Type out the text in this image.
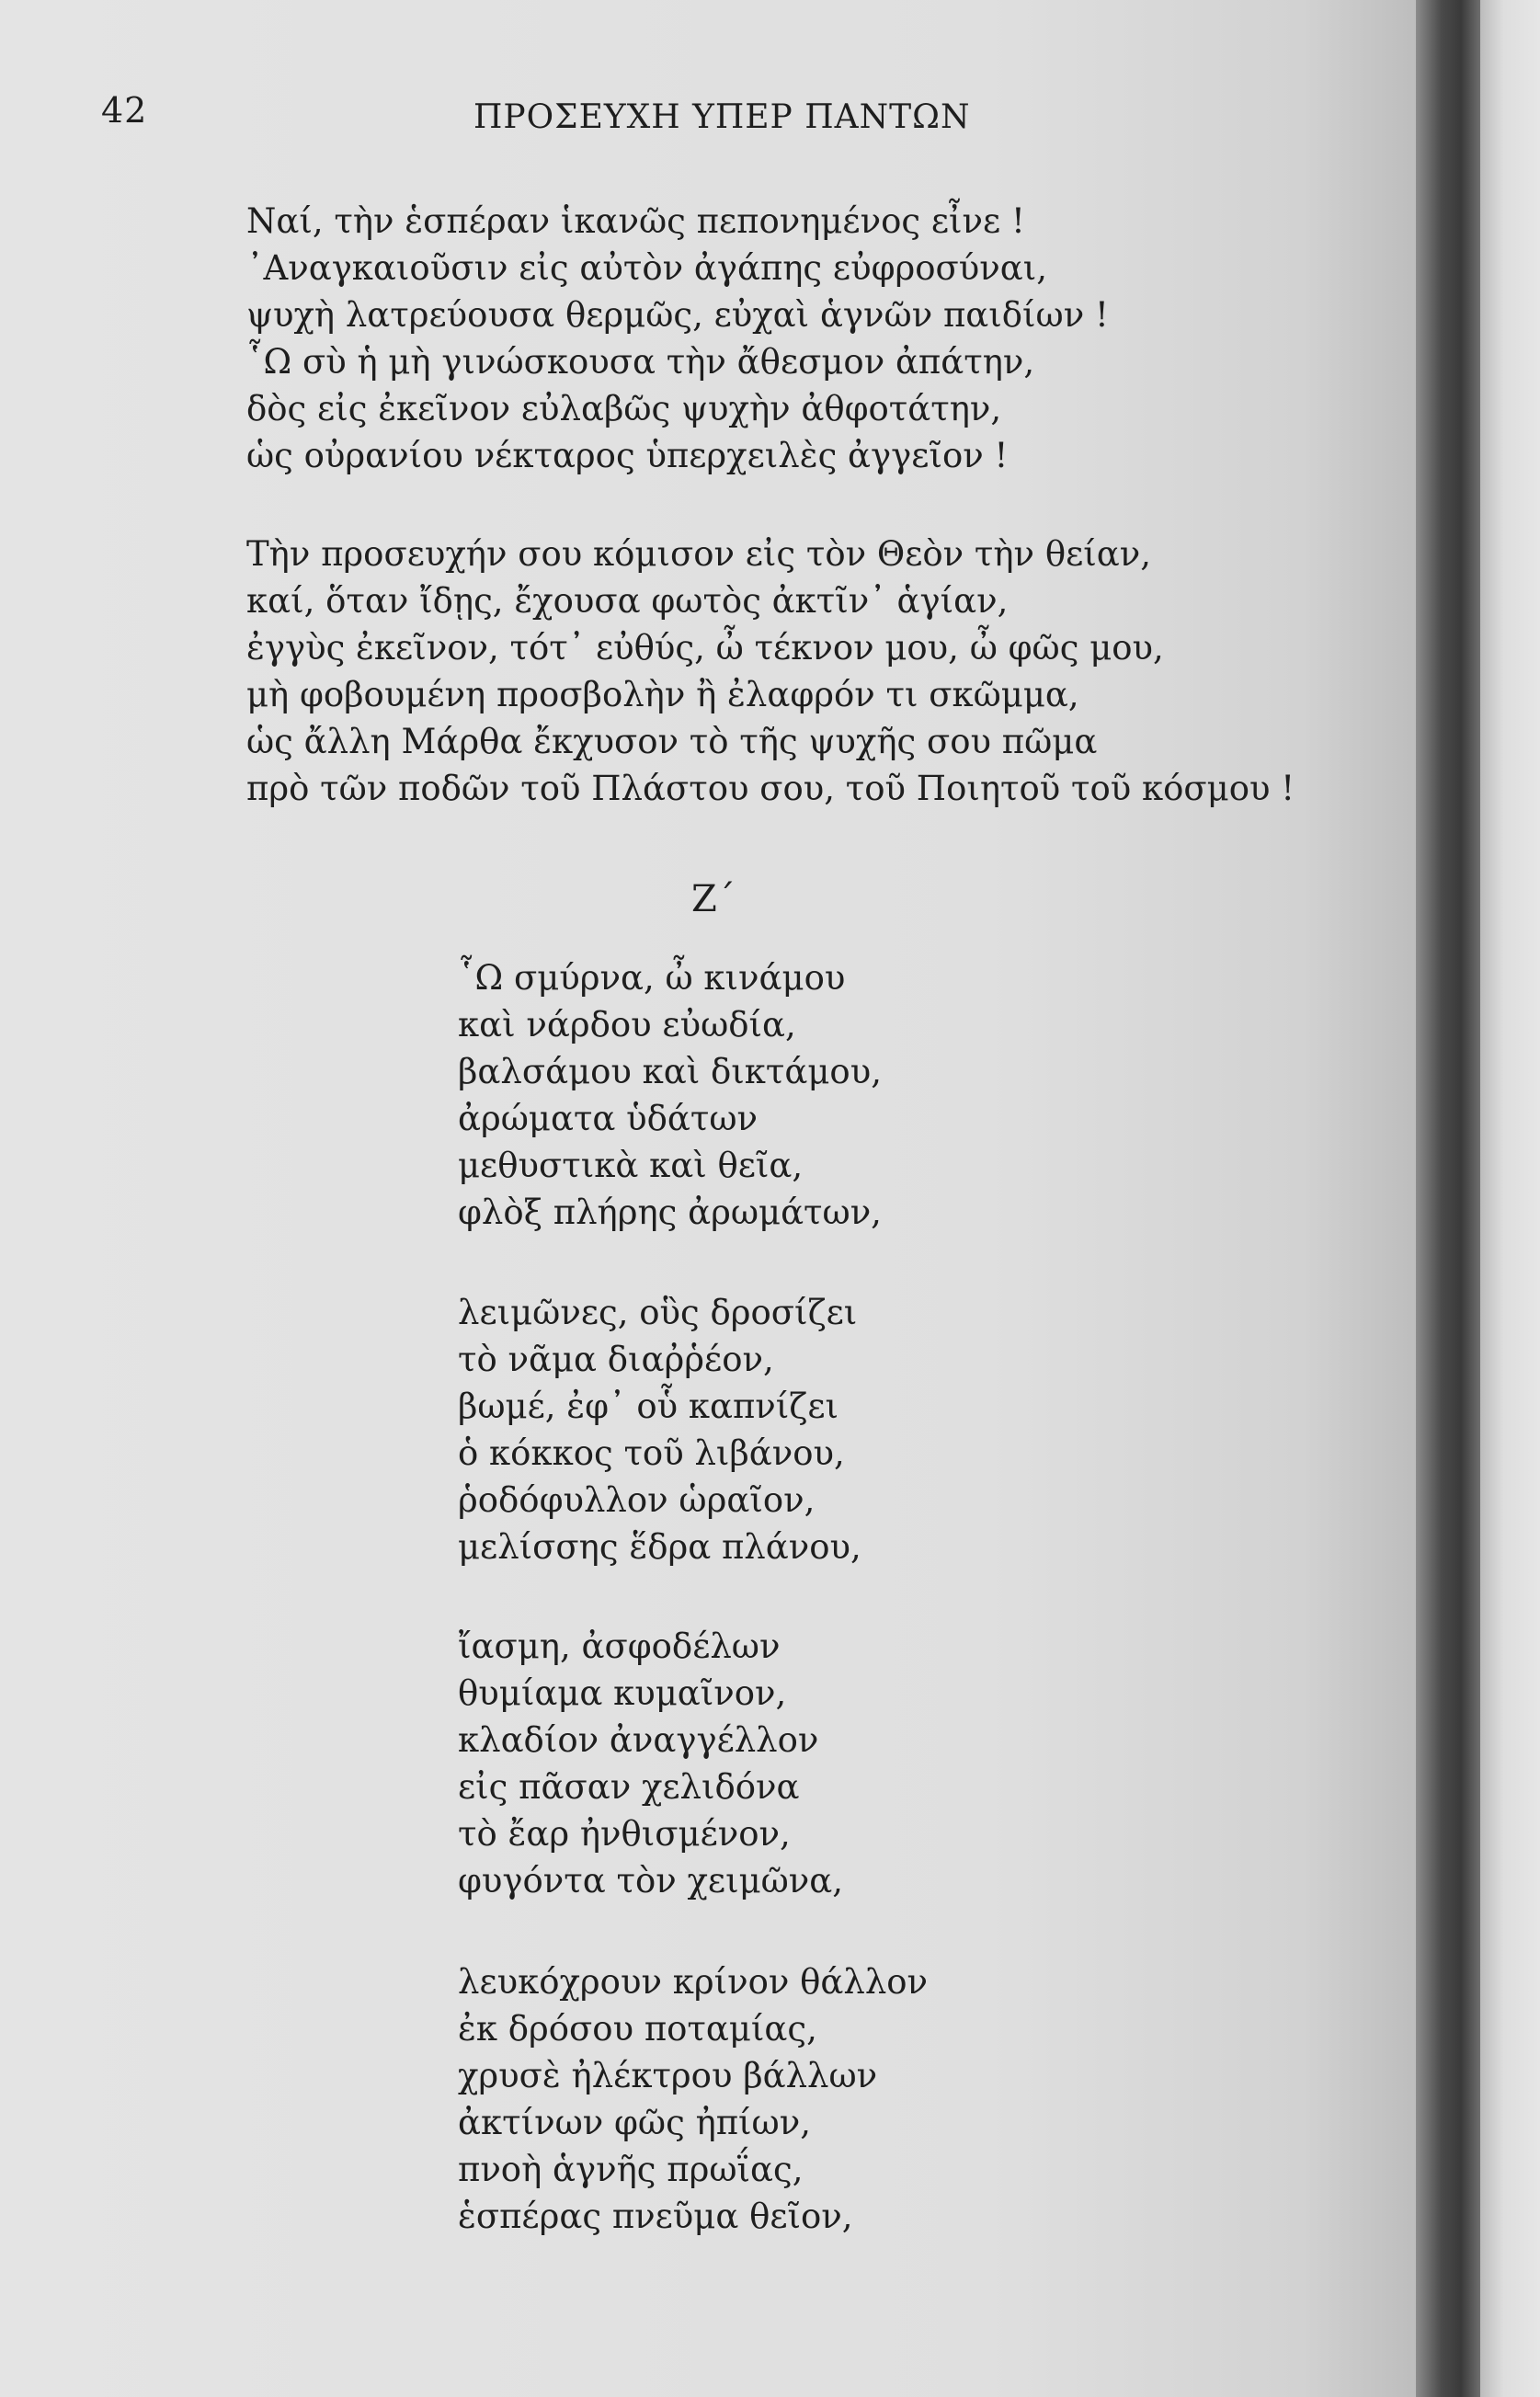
42	ΠΡΟΣΕΥΧΗ ΥΠΕΡ ΠΑΝΤΩΝ
Ναί, τὴν ἑσπέραν ἱκανῶς πεπονημένος εἶνε !
᾿Αναγκαιοῦσιν εἰς αὐτὸν ἀγάπης εὐφροσύναι,
ψυχὴ λατρεύουσα θερμῶς, εὐχαὶ ἁγνῶν παιδίων !
῟Ω σὺ ἡ μὴ γινώσκουσα τὴν ἄθεσμον ἀπάτην,
δὸς εἰς ἐκεῖνον εὐλαβῶς ψυχὴν ἀθφοτάτην,
ὡς οὐρανίου νέκταρος ὑπερχειλὲς ἀγγεῖον !
Τὴν προσευχήν σου κόμισον εἰς τὸν Θεὸν τὴν θείαν,
καί, ὅταν ἴδῃς, ἔχουσα φωτὸς ἀκτῖν᾿ ἁγίαν,
ἐγγὺς ἐκεῖνον, τότ᾿ εὐθύς, ὦ τέκνον μου, ὦ φῶς μου,
μὴ φοβουμένη προσβολὴν ἢ ἐλαφρόν τι σκῶμμα,
ὡς ἄλλη Μάρθα ἔκχυσον τὸ τῆς ψυχῆς σου πῶμα
πρὸ τῶν ποδῶν τοῦ Πλάστου σου, τοῦ Ποιητοῦ τοῦ κόσμου !
Z΄
῟Ω σμύρνα, ὦ κινάμου
καὶ νάρδου εὐωδία,
βαλσάμου καὶ δικτάμου,
ἀρώματα ὑδάτων
μεθυστικὰ καὶ θεῖα,
φλὸξ πλήρης ἀρωμάτων,
λειμῶνες, οὓς δροσίζει
τὸ νᾶμα διαῤῥέον,
βωμέ, ἐφ᾿ οὗ καπνίζει
ὁ κόκκος τοῦ λιβάνου,
ῥοδόφυλλον ὡραῖον,
μελίσσης ἕδρα πλάνου,
ἴασμη, ἀσφοδέλων
θυμίαμα κυμαῖνον,
κλαδίον ἀναγγέλλον
εἰς πᾶσαν χελιδόνα
τὸ ἔαρ ἠνθισμένον,
φυγόντα τὸν χειμῶνα,
λευκόχρουν κρίνον θάλλον
ἐκ δρόσου ποταμίας,
χρυσὲ ἠλέκτρου βάλλων
ἀκτίνων φῶς ἠπίων,
πνοὴ ἁγνῆς πρωΐας,
ἑσπέρας πνεῦμα θεῖον,
